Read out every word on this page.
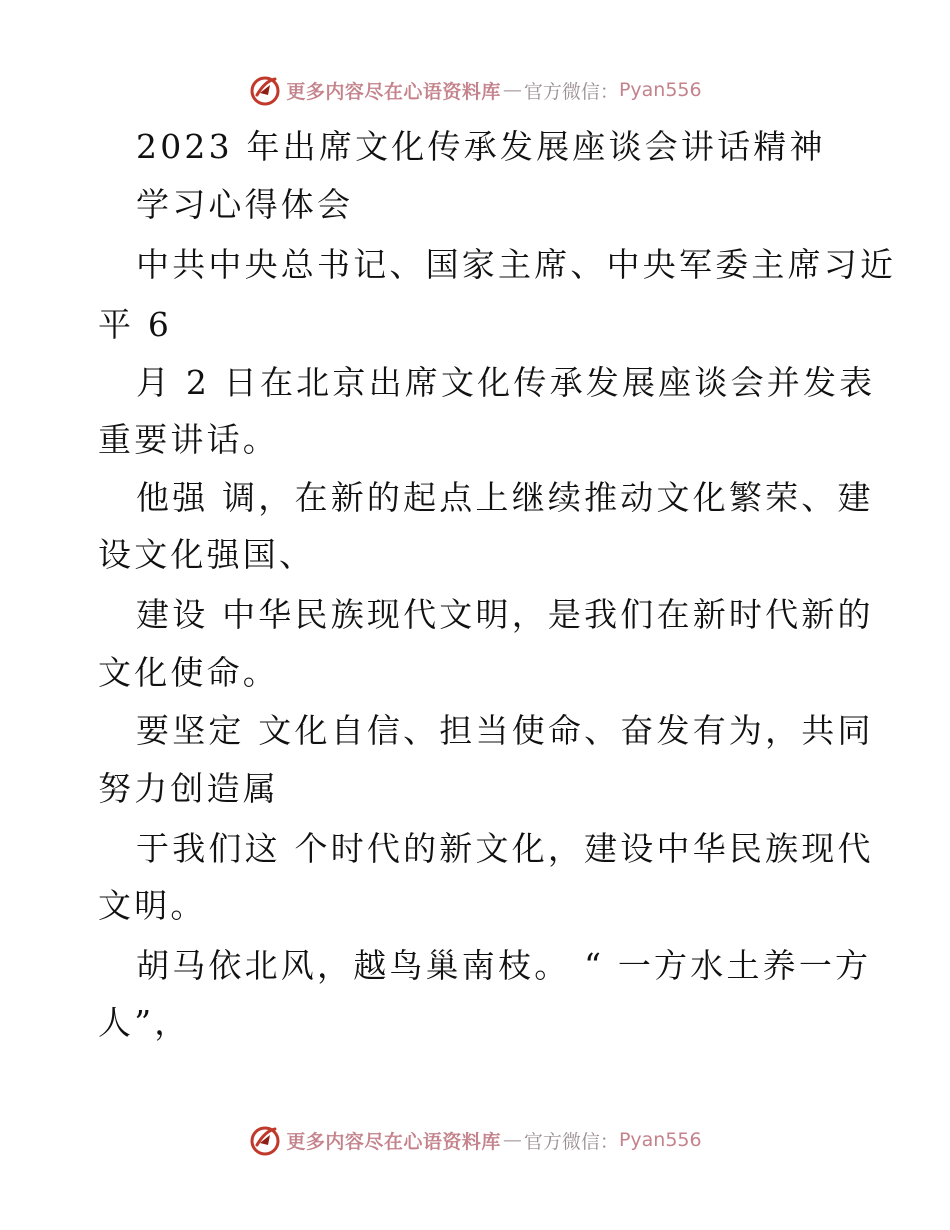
更多内容尽在心语资料库 — 官方微信： Pyan556
2023 年出席文化传承发展座谈会讲话精神
学习心得体会
中共中央总书记、国家主席、中央军委主席习近
平 6
月 2 日在北京出席文化传承发展座谈会并发表
重要讲话。
他强 调，在新的起点上继续推动文化繁荣、建
设文化强国、
建设 中华民族现代文明，是我们在新时代新的
文化使命。
要坚定 文化自信、担当使命、奋发有为，共同
努力创造属
于我们这 个时代的新文化，建设中华民族现代
文明。
胡马依北风，越鸟巢南枝。 “ 一方水土养一方
人”，
更多内容尽在心语资料库 — 官方微信： Pyan556
